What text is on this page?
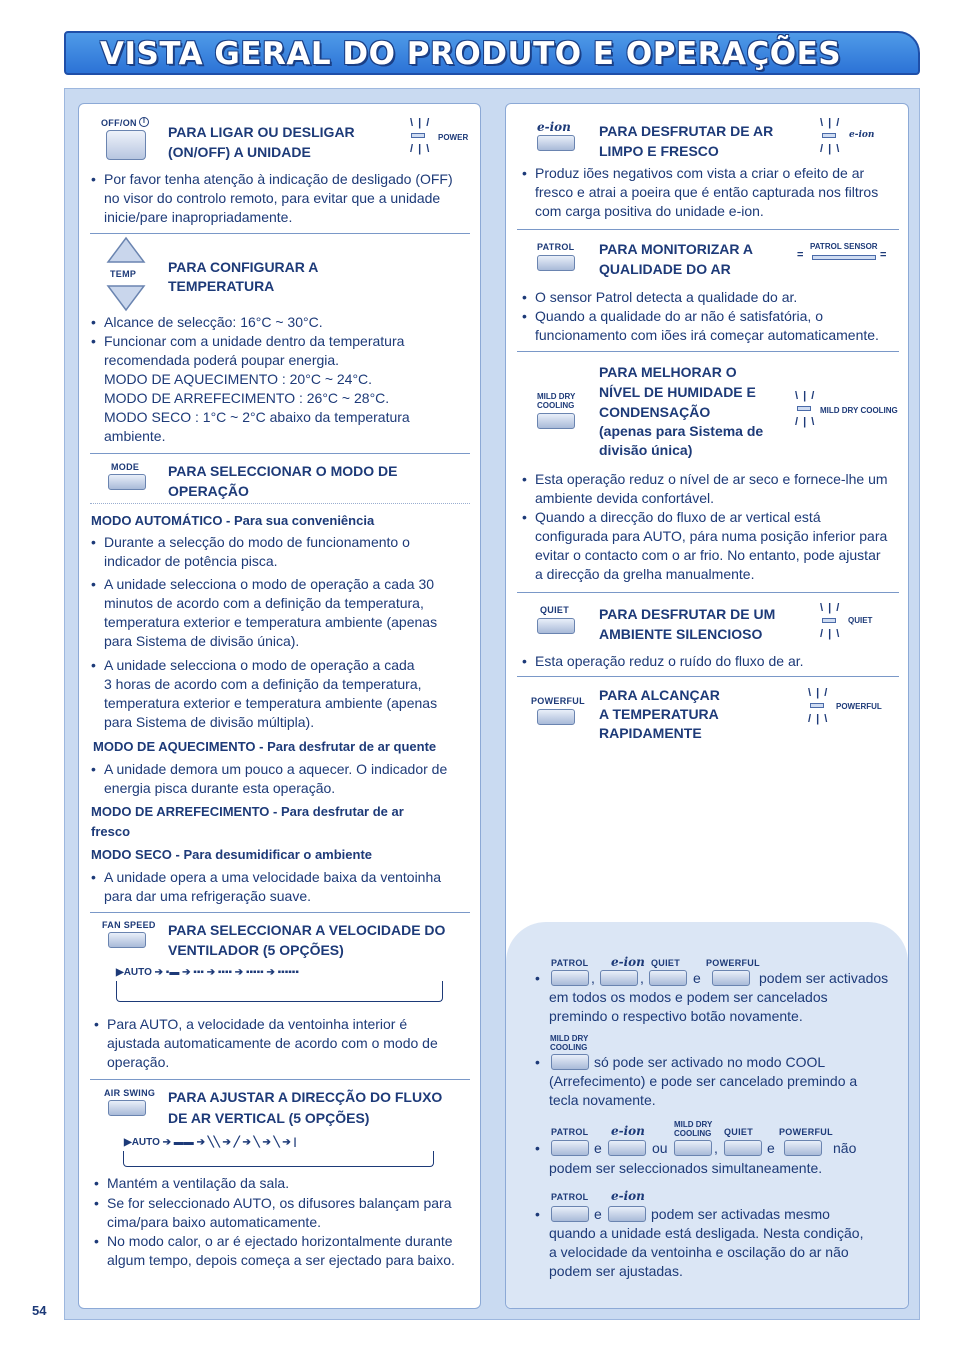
VISTA GERAL DO PRODUTO E OPERAÇÕES
OFF/ON I
PARA LIGAR OU DESLIGAR
(ON/OFF) A UNIDADE
\ | /
/ | \
POWER
• Por favor tenha atenção à indicação de desligado (OFF)
no visor do controlo remoto, para evitar que a unidade
inicie/pare inapropriadamente.
TEMP PARA CONFIGURAR A
TEMPERATURA
• Alcance de selecção: 16°C ~ 30°C.
• Funcionar com a unidade dentro da temperatura
recomendada poderá poupar energia.
MODO DE AQUECIMENTO : 20°C ~ 24°C.
MODO DE ARREFECIMENTO : 26°C ~ 28°C.
MODO SECO : 1°C ~ 2°C abaixo da temperatura
ambiente.
MODE PARA SELECCIONAR O MODO DE
OPERAÇÃO
MODO AUTOMÁTICO - Para sua conveniência
• Durante a selecção do modo de funcionamento o
indicador de potência pisca.
• A unidade selecciona o modo de operação a cada 30
minutos de acordo com a definição da temperatura,
temperatura exterior e temperatura ambiente (apenas
para Sistema de divisão única).
• A unidade selecciona o modo de operação a cada
3 horas de acordo com a definição da temperatura,
temperatura exterior e temperatura ambiente (apenas
para Sistema de divisão múltipla).
MODO DE AQUECIMENTO - Para desfrutar de ar quente
• A unidade demora um pouco a aquecer. O indicador de
energia pisca durante esta operação.
MODO DE ARREFECIMENTO - Para desfrutar de ar
fresco
MODO SECO - Para desumidificar o ambiente
• A unidade opera a uma velocidade baixa da ventoinha
para dar uma refrigeração suave.
FAN SPEED PARA SELECCIONAR A VELOCIDADE DO
VENTILADOR (5 OPÇÕES)
▶AUTO ➔ ▪▬ ➔ ▪▪▪ ➔ ▪▪▪▪ ➔ ▪▪▪▪▪ ➔ ▪▪▪▪▪▪
• Para AUTO, a velocidade da ventoinha interior é
ajustada automaticamente de acordo com o modo de
operação.
AIR SWING PARA AJUSTAR A DIRECÇÃO DO FLUXO
DE AR VERTICAL (5 OPÇÕES)
▶AUTO ➔ ▬▬ ➔ ╲╲ ➔ ╱ ➔ ╲ ➔ ╲ ➔ |
• Mantém a ventilação da sala.
• Se for seleccionado AUTO, os difusores balançam para
cima/para baixo automaticamente.
• No modo calor, o ar é ejectado horizontalmente durante
algum tempo, depois começa a ser ejectado para baixo.
e-ion PARA DESFRUTAR DE AR
LIMPO E FRESCO
\ | /
/ | \
e-ion
• Produz iões negativos com vista a criar o efeito de ar
fresco e atrai a poeira que é então capturada nos filtros
com carga positiva do unidade e-ion.
PATROL PARA MONITORIZAR A
QUALIDADE DO AR
PATROL SENSOR
=	=
• O sensor Patrol detecta a qualidade do ar.
• Quando a qualidade do ar não é satisfatória, o
funcionamento com iões irá começar automaticamente.
MILD DRY
COOLING
PARA MELHORAR O
NÍVEL DE HUMIDADE E
CONDENSAÇÃO
(apenas para Sistema de
divisão única)
\ | /
/ | \
MILD DRY COOLING
• Esta operação reduz o nível de ar seco e fornece-lhe um
ambiente devida confortável.
• Quando a direcção do fluxo de ar vertical está
configurada para AUTO, pára numa posição inferior para
evitar o contacto com o ar frio. No entanto, pode ajustar
a direcção da grelha manualmente.
QUIET PARA DESFRUTAR DE UM
AMBIENTE SILENCIOSO
\ | /
/ | \
QUIET
• Esta operação reduz o ruído do fluxo de ar.
POWERFUL PARA ALCANÇAR
A TEMPERATURA
RAPIDAMENTE
\ | /
/ | \
POWERFUL
PATROL e-ion QUIET	POWERFUL
,	,	e	podem ser activados
em todos os modos e podem ser cancelados
premindo o respectivo botão novamente.
MILD DRY
COOLING
só pode ser activado no modo COOL
(Arrefecimento) e pode ser cancelado premindo a
tecla novamente.
PATROL e-ion	MILD DRY
COOLING QUIET	POWERFUL
e	ou	,	e	não
podem ser seleccionados simultaneamente.
PATROL e-ion
e	podem ser activadas mesmo
quando a unidade está desligada. Nesta condição,
a velocidade da ventoinha e oscilação do ar não
podem ser ajustadas.
54
